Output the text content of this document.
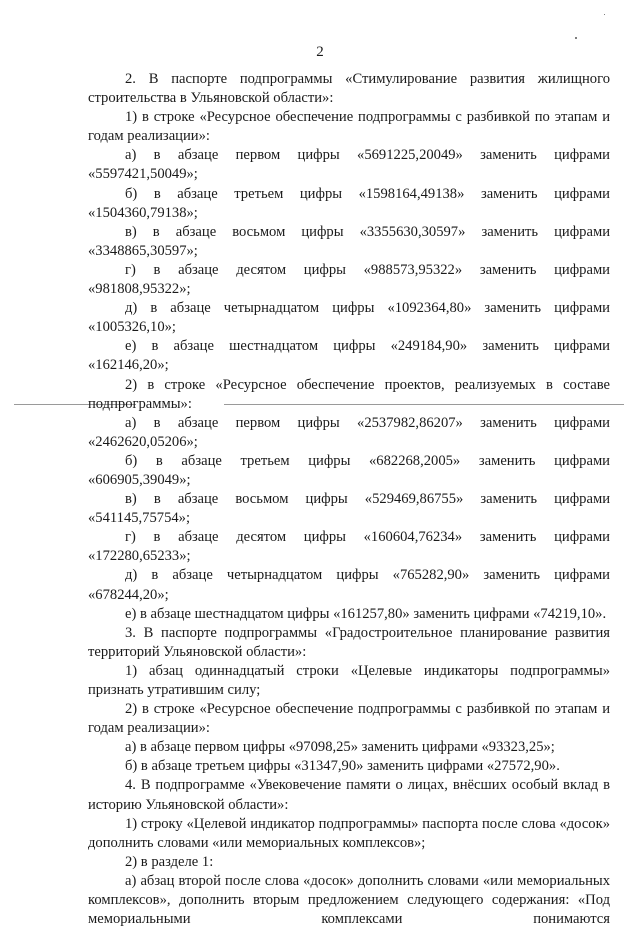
2

2. В паспорте подпрограммы «Стимулирование развития жилищного строительства в Ульяновской области»:

1) в строке «Ресурсное обеспечение подпрограммы с разбивкой по этапам и годам реализации»:

а) в абзаце первом цифры «5691225,20049» заменить цифрами «5597421,50049»;

б) в абзаце третьем цифры «1598164,49138» заменить цифрами «1504360,79138»;

в) в абзаце восьмом цифры «3355630,30597» заменить цифрами «3348865,30597»;

г) в абзаце десятом цифры «988573,95322» заменить цифрами «981808,95322»;

д) в абзаце четырнадцатом цифры «1092364,80» заменить цифрами «1005326,10»;

е) в абзаце шестнадцатом цифры «249184,90» заменить цифрами «162146,20»;

2) в строке «Ресурсное обеспечение проектов, реализуемых в составе подпрограммы»:

а) в абзаце первом цифры «2537982,86207» заменить цифрами «2462620,05206»;

б) в абзаце третьем цифры «682268,2005» заменить цифрами «606905,39049»;

в) в абзаце восьмом цифры «529469,86755» заменить цифрами «541145,75754»;

г) в абзаце десятом цифры «160604,76234» заменить цифрами «172280,65233»;

д) в абзаце четырнадцатом цифры «765282,90» заменить цифрами «678244,20»;

е) в абзаце шестнадцатом цифры «161257,80» заменить цифрами «74219,10».

3. В паспорте подпрограммы «Градостроительное планирование развития территорий Ульяновской области»:

1) абзац одиннадцатый строки «Целевые индикаторы подпрограммы» признать утратившим силу;

2) в строке «Ресурсное обеспечение подпрограммы с разбивкой по этапам и годам реализации»:

а) в абзаце первом цифры «97098,25» заменить цифрами «93323,25»;

б) в абзаце третьем цифры «31347,90» заменить цифрами «27572,90».

4. В подпрограмме «Увековечение памяти о лицах, внёсших особый вклад в историю Ульяновской области»:

1) строку «Целевой индикатор подпрограммы» паспорта после слова «досок» дополнить словами «или мемориальных комплексов»;

2) в разделе 1:

а) абзац второй после слова «досок» дополнить словами «или мемориальных комплексов», дополнить вторым предложением следующего содержания: «Под мемориальными комплексами понимаются
